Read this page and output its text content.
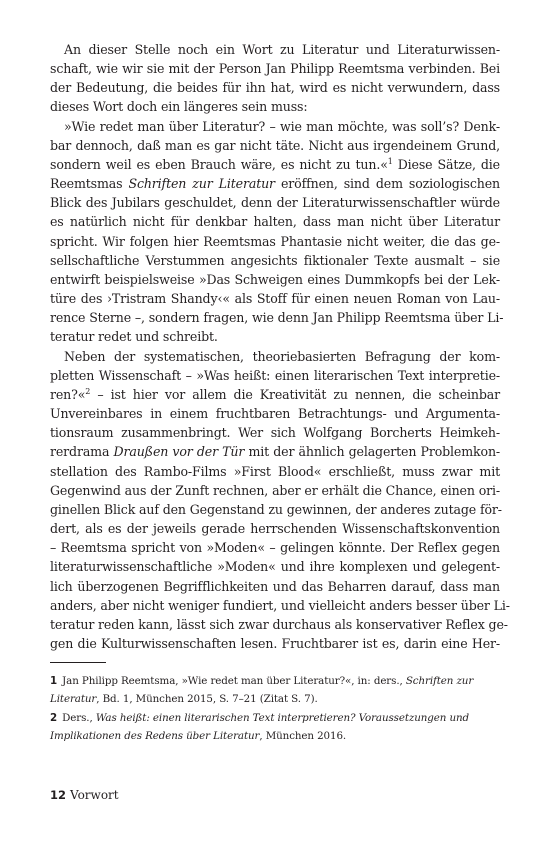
An dieser Stelle noch ein Wort zu Literatur und Literaturwissen-
schaft, wie wir sie mit der Person Jan Philipp Reemtsma verbinden. Bei
der Bedeutung, die beides für ihn hat, wird es nicht verwundern, dass
dieses Wort doch ein längeres sein muss:
»Wie redet man über Literatur? – wie man möchte, was soll’s? Denk-
bar dennoch, daß man es gar nicht täte. Nicht aus irgendeinem Grund,
sondern weil es eben Brauch wäre, es nicht zu tun.«$^1$ Diese Sätze, die
Reemtsmas Schriften zur Literatur eröffnen, sind dem soziologischen
Blick des Jubilars geschuldet, denn der Literaturwissenschaftler würde
es natürlich nicht für denkbar halten, dass man nicht über Literatur
spricht. Wir folgen hier Reemtsmas Phantasie nicht weiter, die das ge-
sellschaftliche Verstummen angesichts fiktionaler Texte ausmalt – sie
entwirft beispielsweise »Das Schweigen eines Dummkopfs bei der Lek-
türe des ›Tristram Shandy‹« als Stoff für einen neuen Roman von Lau-
rence Sterne –, sondern fragen, wie denn Jan Philipp Reemtsma über Li-
teratur redet und schreibt.
Neben der systematischen, theoriebasierten Befragung der kom-
pletten Wissenschaft – »Was heißt: einen literarischen Text interpretie-
ren?«$^2$ – ist hier vor allem die Kreativität zu nennen, die scheinbar
Unvereinbares in einem fruchtbaren Betrachtungs- und Argumenta-
tionsraum zusammenbringt. Wer sich Wolfgang Borcherts Heimkeh-
rerdrama Draußen vor der Tür mit der ähnlich gelagerten Problemkon-
stellation des Rambo-Films »First Blood« erschließt, muss zwar mit
Gegenwind aus der Zunft rechnen, aber er erhält die Chance, einen ori-
ginellen Blick auf den Gegenstand zu gewinnen, der anderes zutage för-
dert, als es der jeweils gerade herrschenden Wissenschaftskonvention
– Reemtsma spricht von »Moden« – gelingen könnte. Der Reflex gegen
literaturwissenschaftliche »Moden« und ihre komplexen und gelegent-
lich überzogenen Begrifflichkeiten und das Beharren darauf, dass man
anders, aber nicht weniger fundiert, und vielleicht anders besser über Li-
teratur reden kann, lässt sich zwar durchaus als konservativer Reflex ge-
gen die Kulturwissenschaften lesen. Fruchtbarer ist es, darin eine Her-
1  Jan Philipp Reemtsma, »Wie redet man über Literatur?«, in: ders., Schriften zur
Literatur, Bd. 1, München 2015, S. 7–21 (Zitat S. 7).
2  Ders., Was heißt: einen literarischen Text interpretieren? Voraussetzungen und
Implikationen des Redens über Literatur, München 2016.
12 Vorwort
